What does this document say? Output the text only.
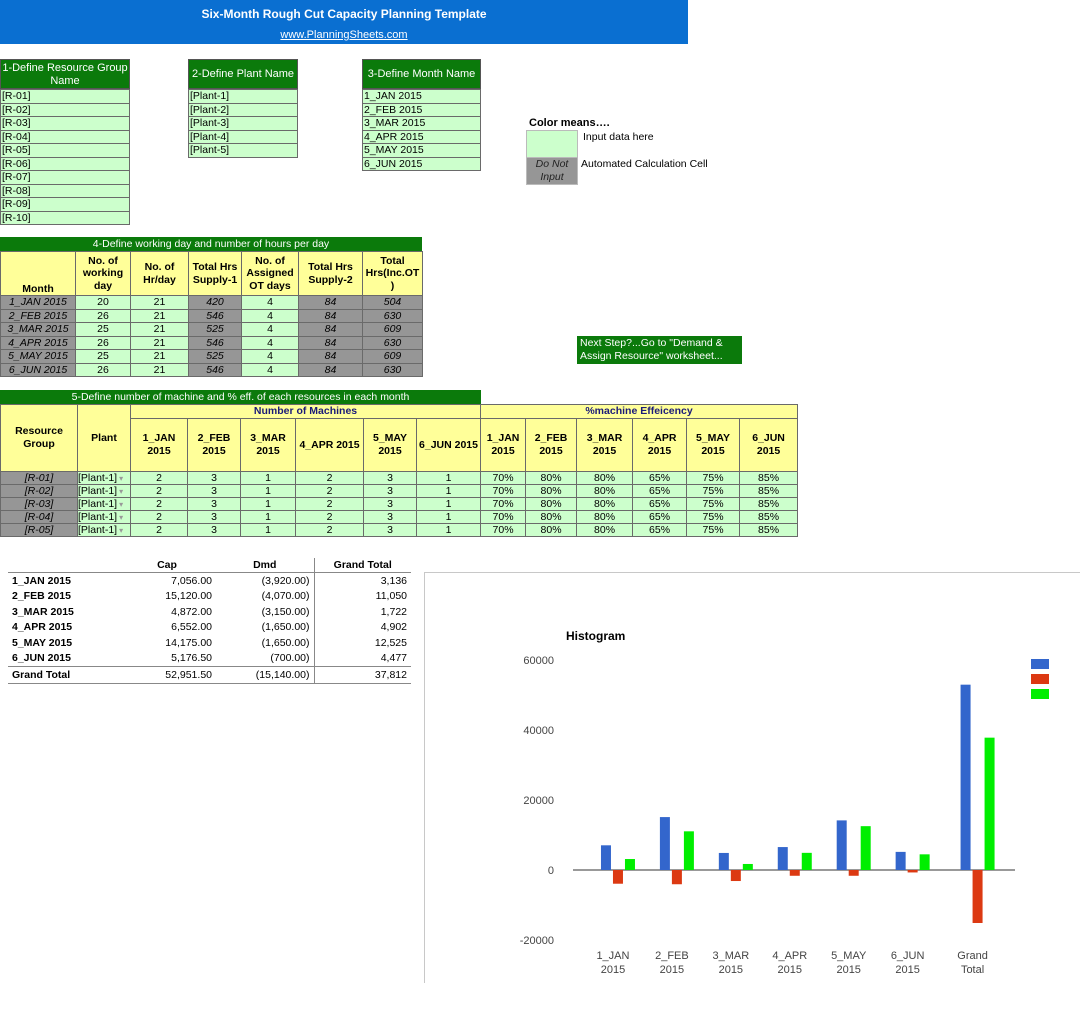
Six-Month Rough Cut Capacity Planning Template
www.PlanningSheets.com
1-Define Resource Group Name
[R-01]
[R-02]
[R-03]
[R-04]
[R-05]
[R-06]
[R-07]
[R-08]
[R-09]
[R-10]
2-Define Plant Name
[Plant-1]
[Plant-2]
[Plant-3]
[Plant-4]
[Plant-5]
3-Define Month Name
1_JAN 2015
2_FEB 2015
3_MAR 2015
4_APR 2015
5_MAY 2015
6_JUN 2015
Color means….
Input data here
Do Not Input
Automated Calculation Cell
4-Define working day and number of hours per day
Month	No. of working day	No. of Hr/day	Total Hrs Supply-1	No. of Assigned OT days	Total Hrs Supply-2	Total Hrs(Inc.OT )
1_JAN 2015	20	21	420	4	84	504
2_FEB 2015	26	21	546	4	84	630
3_MAR 2015	25	21	525	4	84	609
4_APR 2015	26	21	546	4	84	630
5_MAY 2015	25	21	525	4	84	609
6_JUN 2015	26	21	546	4	84	630
Next Step?...Go to "Demand & Assign Resource" worksheet...
5-Define number of machine and % eff. of each resources in each month
Resource Group	Plant	Number of Machines						%machine Effeicency					
		1_JAN 2015	2_FEB 2015	3_MAR 2015	4_APR 2015	5_MAY 2015	6_JUN 2015	1_JAN 2015	2_FEB 2015	3_MAR 2015	4_APR 2015	5_MAY 2015	6_JUN 2015
[R-01]	[Plant-1] ▾	2	3	1	2	3	1	70%	80%	80%	65%	75%	85%
[R-02]	[Plant-1] ▾	2	3	1	2	3	1	70%	80%	80%	65%	75%	85%
[R-03]	[Plant-1] ▾	2	3	1	2	3	1	70%	80%	80%	65%	75%	85%
[R-04]	[Plant-1] ▾	2	3	1	2	3	1	70%	80%	80%	65%	75%	85%
[R-05]	[Plant-1] ▾	2	3	1	2	3	1	70%	80%	80%	65%	75%	85%
	Cap	Dmd	Grand Total
1_JAN 2015	7,056.00	(3,920.00)	3,136
2_FEB 2015	15,120.00	(4,070.00)	11,050
3_MAR 2015	4,872.00	(3,150.00)	1,722
4_APR 2015	6,552.00	(1,650.00)	4,902
5_MAY 2015	14,175.00	(1,650.00)	12,525
6_JUN 2015	5,176.50	(700.00)	4,477
Grand Total	52,951.50	(15,140.00)	37,812
Histogram
60000
40000
20000
0
-20000
1_JAN 2015
2_FEB 2015
3_MAR 2015
4_APR 2015
5_MAY 2015
6_JUN 2015
Grand Total
